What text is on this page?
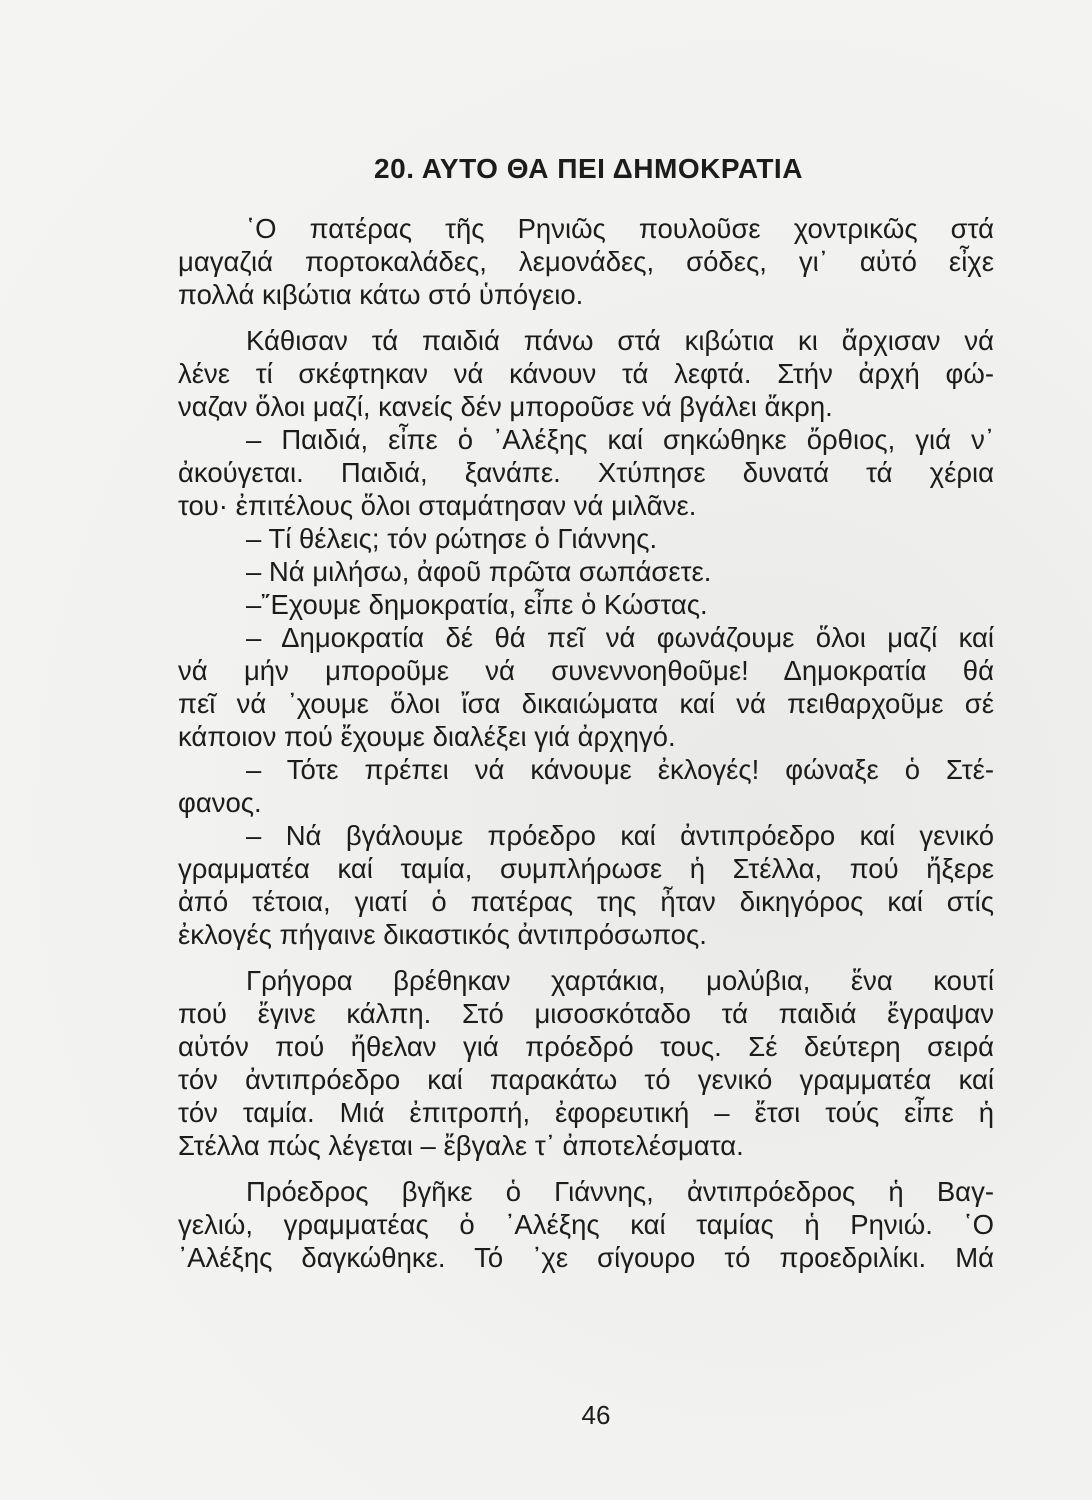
20. ΑΥΤΟ ΘΑ ΠΕΙ ΔΗΜΟΚΡΑΤΙΑ
῾Ο πατέρας τῆς Ρηνιῶς πουλοῦσε χοντρικῶς στά
μαγαζιά πορτοκαλάδες, λεμονάδες, σόδες, γι᾿ αὐτό εἶχε
πολλά κιβώτια κάτω στό ὑπόγειο.
Κάθισαν τά παιδιά πάνω στά κιβώτια κι ἄρχισαν νά
λένε τί σκέφτηκαν νά κάνουν τά λεφτά. Στήν ἀρχή φώ-
ναζαν ὅλοι μαζί, κανείς δέν μποροῦσε νά βγάλει ἄκρη.
– Παιδιά, εἶπε ὁ ᾿Αλέξης καί σηκώθηκε ὄρθιος, γιά ν᾿
ἀκούγεται. Παιδιά, ξανάπε. Χτύπησε δυνατά τά χέρια
του· ἐπιτέλους ὅλοι σταμάτησαν νά μιλᾶνε.
– Τί θέλεις; τόν ρώτησε ὁ Γιάννης.
– Νά μιλήσω, ἀφοῦ πρῶτα σωπάσετε.
–῎Εχουμε δημοκρατία, εἶπε ὁ Κώστας.
– Δημοκρατία δέ θά πεῖ νά φωνάζουμε ὅλοι μαζί καί
νά μήν μποροῦμε νά συνεννοηθοῦμε! Δημοκρατία θά
πεῖ νά ᾿χουμε ὅλοι ἴσα δικαιώματα καί νά πειθαρχοῦμε σέ
κάποιον πού ἔχουμε διαλέξει γιά ἀρχηγό.
– Τότε πρέπει νά κάνουμε ἐκλογές! φώναξε ὁ Στέ-
φανος.
– Νά βγάλουμε πρόεδρο καί ἀντιπρόεδρο καί γενικό
γραμματέα καί ταμία, συμπλήρωσε ἡ Στέλλα, πού ἤξερε
ἀπό τέτοια, γιατί ὁ πατέρας της ἦταν δικηγόρος καί στίς
ἐκλογές πήγαινε δικαστικός ἀντιπρόσωπος.
Γρήγορα βρέθηκαν χαρτάκια, μολύβια, ἕνα κουτί
πού ἔγινε κάλπη. Στό μισοσκόταδο τά παιδιά ἔγραψαν
αὐτόν πού ἤθελαν γιά πρόεδρό τους. Σέ δεύτερη σειρά
τόν ἀντιπρόεδρο καί παρακάτω τό γενικό γραμματέα καί
τόν ταμία. Μιά ἐπιτροπή, ἐφορευτική – ἔτσι τούς εἶπε ἡ
Στέλλα πώς λέγεται – ἔβγαλε τ᾿ ἀποτελέσματα.
Πρόεδρος βγῆκε ὁ Γιάννης, ἀντιπρόεδρος ἡ Βαγ-
γελιώ, γραμματέας ὁ ᾿Αλέξης καί ταμίας ἡ Ρηνιώ. ῾Ο
᾿Αλέξης δαγκώθηκε. Τό ᾿χε σίγουρο τό προεδριλίκι. Μά
46
